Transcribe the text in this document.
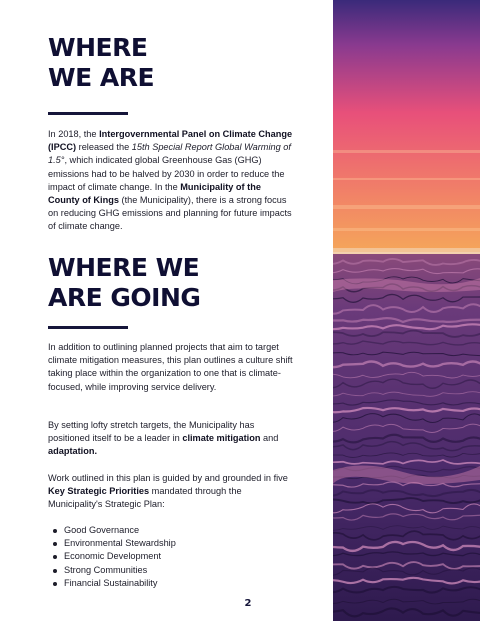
WHERE
WE ARE

In 2018, the Intergovernmental Panel on Climate Change (IPCC) released the 15th Special Report Global Warming of 1.5°, which indicated global Greenhouse Gas (GHG) emissions had to be halved by 2030 in order to reduce the impact of climate change. In the Municipality of the County of Kings (the Municipality), there is a strong focus on reducing GHG emissions and planning for future impacts of climate change.

WHERE WE
ARE GOING

In addition to outlining planned projects that aim to target climate mitigation measures, this plan outlines a culture shift taking place within the organization to one that is climate-focused, while improving service delivery.

By setting lofty stretch targets, the Municipality has positioned itself to be a leader in climate mitigation and adaptation.

Work outlined in this plan is guided by and grounded in five Key Strategic Priorities mandated through the Municipality's Strategic Plan:

Good Governance
Environmental Stewardship
Economic Development
Strong Communities
Financial Sustainability
2
